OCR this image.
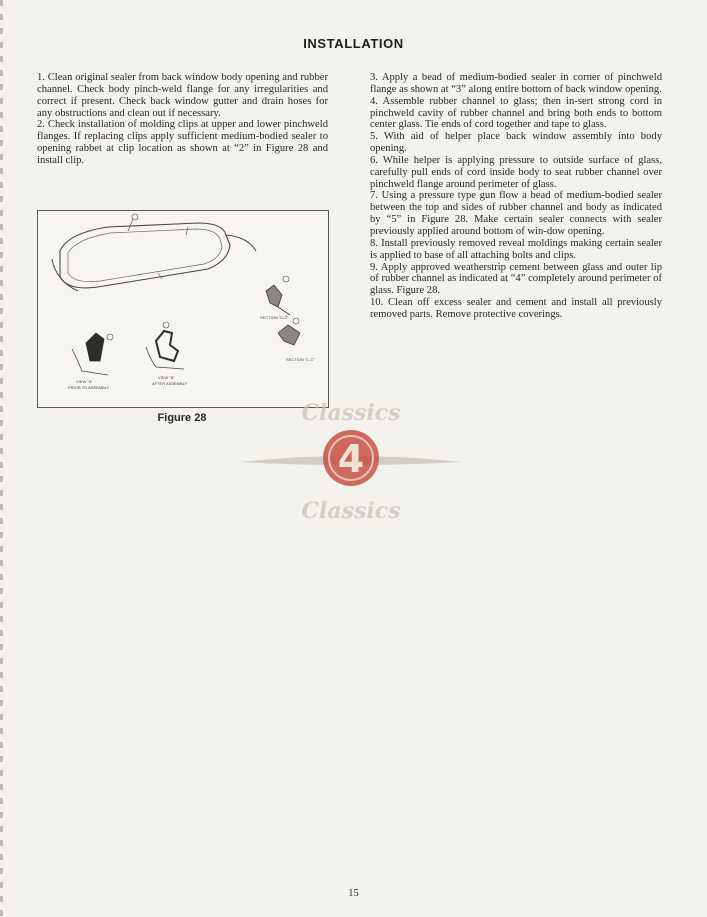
INSTALLATION

1. Clean original sealer from back window body opening and rubber channel. Check body pinch-weld flange for any irregularities and correct if present. Check back window gutter and drain hoses for any obstructions and clean out if necessary.

2. Check installation of molding clips at upper and lower pinchweld flanges. If replacing clips apply sufficient medium-bodied sealer to opening rabbet at clip location as shown at “2” in Figure 28 and install clip.

SECTION "D-D"
SECTION "C-C"
VIEW "A"
PRIOR TO ASSEMBLY
VIEW "B"
AFTER ASSEMBLY
Figure 28

3. Apply a bead of medium-bodied sealer in corner of pinchweld flange as shown at “3” along entire bottom of back window opening.

4. Assemble rubber channel to glass; then in-sert strong cord in pinchweld cavity of rubber channel and bring both ends to bottom center glass. Tie ends of cord together and tape to glass.

5. With aid of helper place back window assembly into body opening.

6. While helper is applying pressure to outside surface of glass, carefully pull ends of cord inside body to seat rubber channel over pinchweld flange around perimeter of glass.

7. Using a pressure type gun flow a bead of medium-bodied sealer between the top and sides of rubber channel and body as indicated by “5” in Figure 28. Make certain sealer connects with sealer previously applied around bottom of win-dow opening.

8. Install previously removed reveal moldings making certain sealer is applied to base of all attaching bolts and clips.

9. Apply approved weatherstrip cement between glass and outer lip of rubber channel as indicated at “4” completely around perimeter of glass. Figure 28.

10. Clean off excess sealer and cement and install all previously removed parts. Remove protective coverings.

Classics
4
Classics
15
